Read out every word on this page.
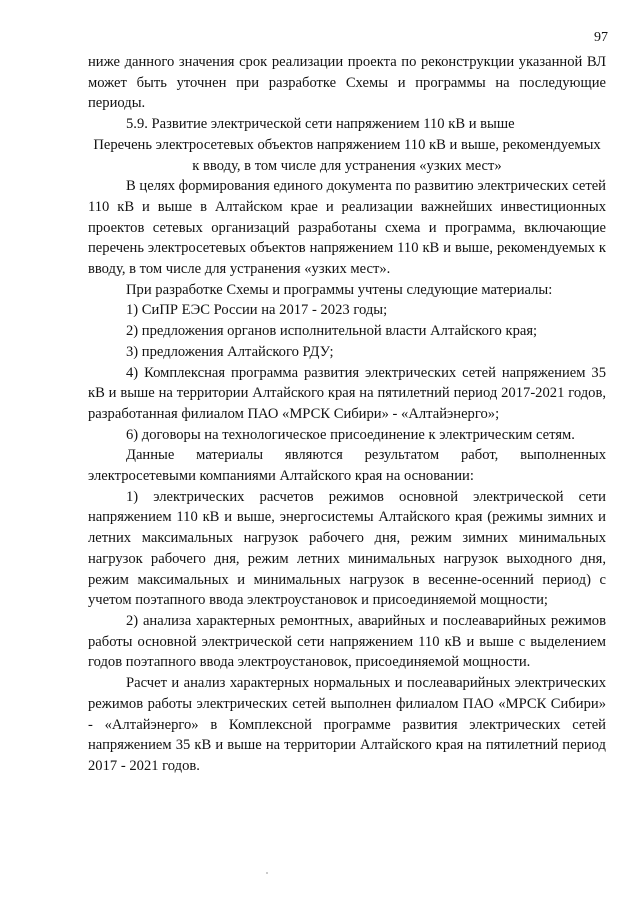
97

ниже данного значения срок реализации проекта по реконструкции указанной ВЛ может быть уточнен при разработке Схемы и программы на последующие периоды.

5.9. Развитие электрической сети напряжением 110 кВ и выше

Перечень электросетевых объектов напряжением 110 кВ и выше, рекомендуемых к вводу, в том числе для устранения «узких мест»

В целях формирования единого документа по развитию электрических сетей 110 кВ и выше в Алтайском крае и реализации важнейших инвестиционных проектов сетевых организаций разработаны схема и программа, включающие перечень электросетевых объектов напряжением 110 кВ и выше, рекомендуемых к вводу, в том числе для устранения «узких мест».

При разработке Схемы и программы учтены следующие материалы:

1) СиПР ЕЭС России на 2017 - 2023 годы;

2) предложения органов исполнительной власти Алтайского края;

3) предложения Алтайского РДУ;

4) Комплексная программа развития электрических сетей напряжением 35 кВ и выше на территории Алтайского края на пятилетний период 2017-2021 годов, разработанная филиалом ПАО «МРСК Сибири» - «Алтайэнерго»;

6) договоры на технологическое присоединение к электрическим сетям.

Данные материалы являются результатом работ, выполненных электросетевыми компаниями Алтайского края на основании:

1) электрических расчетов режимов основной электрической сети напряжением 110 кВ и выше, энергосистемы Алтайского края (режимы зимних и летних максимальных нагрузок рабочего дня, режим зимних минимальных нагрузок рабочего дня, режим летних минимальных нагрузок выходного дня, режим максимальных и минимальных нагрузок в весенне-осенний период) с учетом поэтапного ввода электроустановок и присоединяемой мощности;

2) анализа характерных ремонтных, аварийных и послеаварийных режимов работы основной электрической сети напряжением 110 кВ и выше с выделением годов поэтапного ввода электроустановок, присоединяемой мощности.

Расчет и анализ характерных нормальных и послеаварийных электрических режимов работы электрических сетей выполнен филиалом ПАО «МРСК Сибири» - «Алтайэнерго» в Комплексной программе развития электрических сетей напряжением 35 кВ и выше на территории Алтайского края на пятилетний период 2017 - 2021 годов.
